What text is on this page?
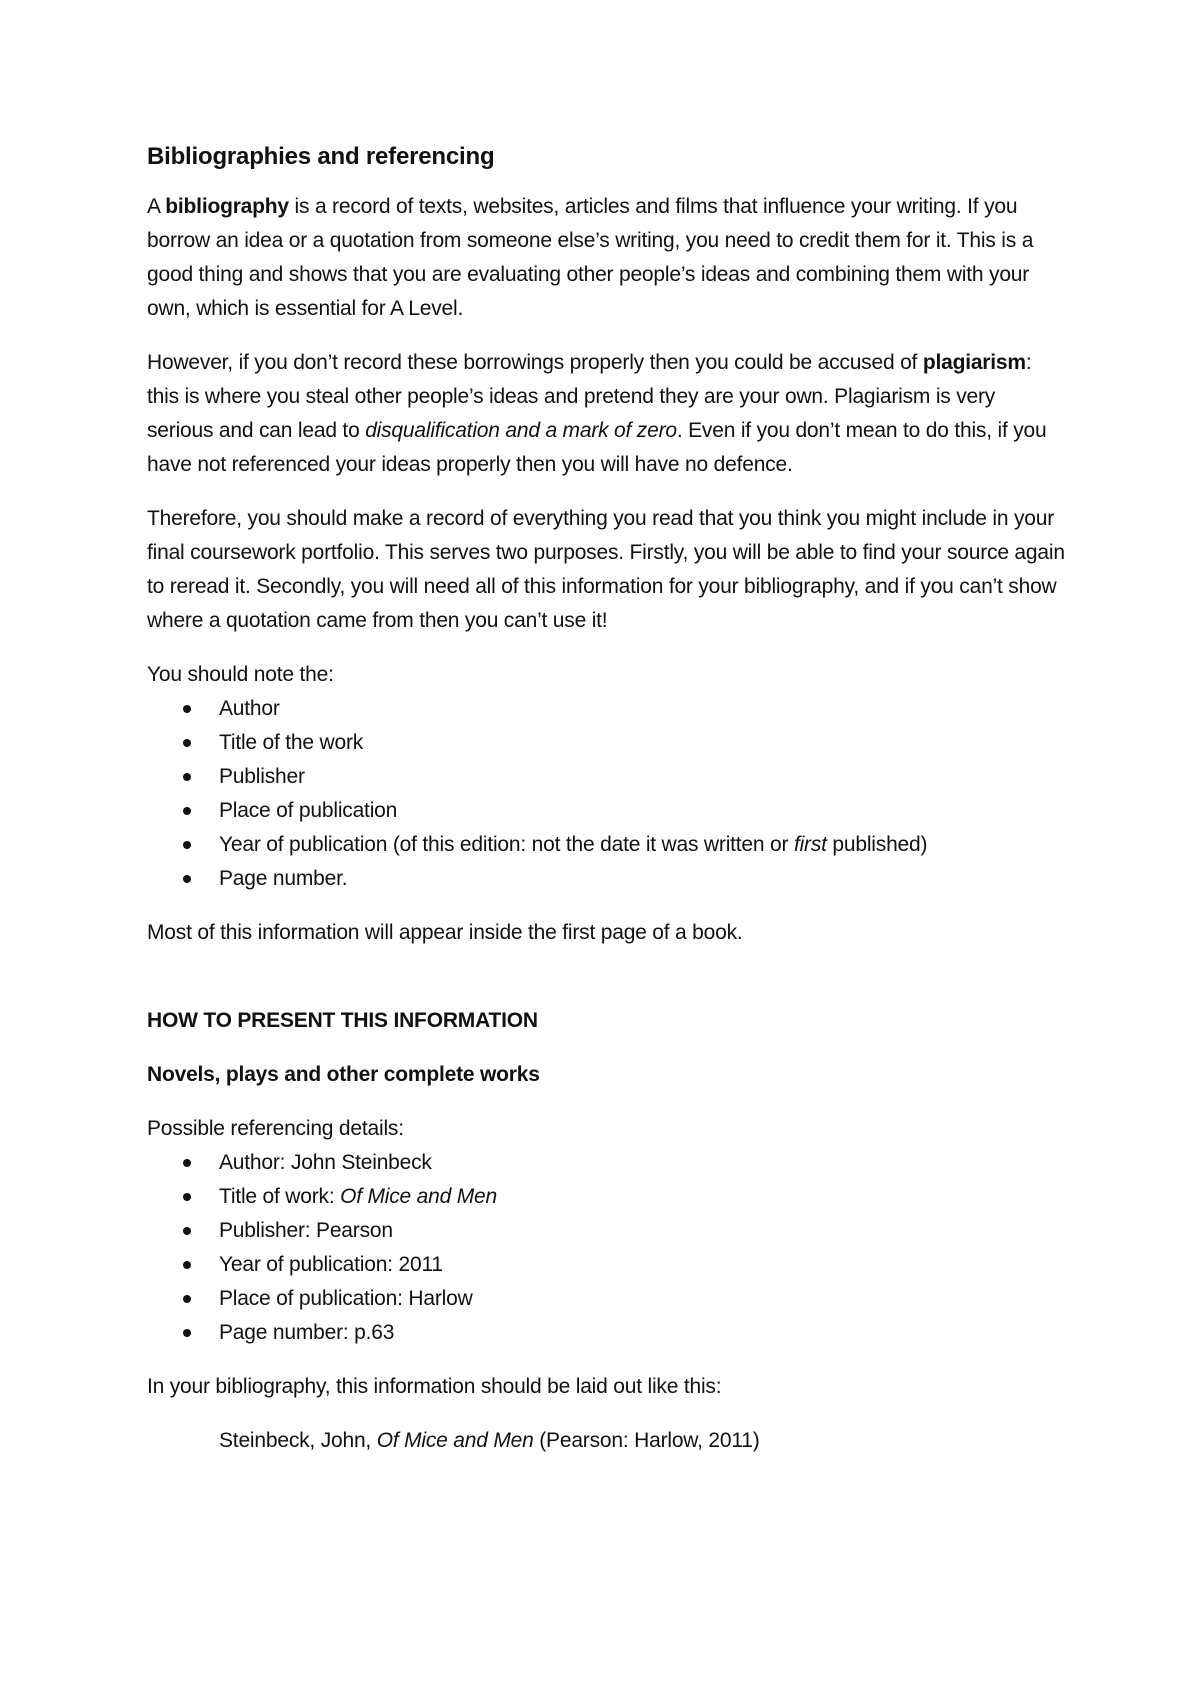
Bibliographies and referencing

A bibliography is a record of texts, websites, articles and films that influence your writing. If you borrow an idea or a quotation from someone else’s writing, you need to credit them for it. This is a good thing and shows that you are evaluating other people’s ideas and combining them with your own, which is essential for A Level.

However, if you don’t record these borrowings properly then you could be accused of plagiarism: this is where you steal other people’s ideas and pretend they are your own. Plagiarism is very serious and can lead to disqualification and a mark of zero. Even if you don’t mean to do this, if you have not referenced your ideas properly then you will have no defence.

Therefore, you should make a record of everything you read that you think you might include in your final coursework portfolio. This serves two purposes. Firstly, you will be able to find your source again to reread it. Secondly, you will need all of this information for your bibliography, and if you can’t show where a quotation came from then you can’t use it!

You should note the:

Author
Title of the work
Publisher
Place of publication
Year of publication (of this edition: not the date it was written or first published)
Page number.

Most of this information will appear inside the first page of a book.

HOW TO PRESENT THIS INFORMATION

Novels, plays and other complete works

Possible referencing details:

Author: John Steinbeck
Title of work: Of Mice and Men
Publisher: Pearson
Year of publication: 2011
Place of publication: Harlow
Page number: p.63

In your bibliography, this information should be laid out like this:

Steinbeck, John, Of Mice and Men (Pearson: Harlow, 2011)
